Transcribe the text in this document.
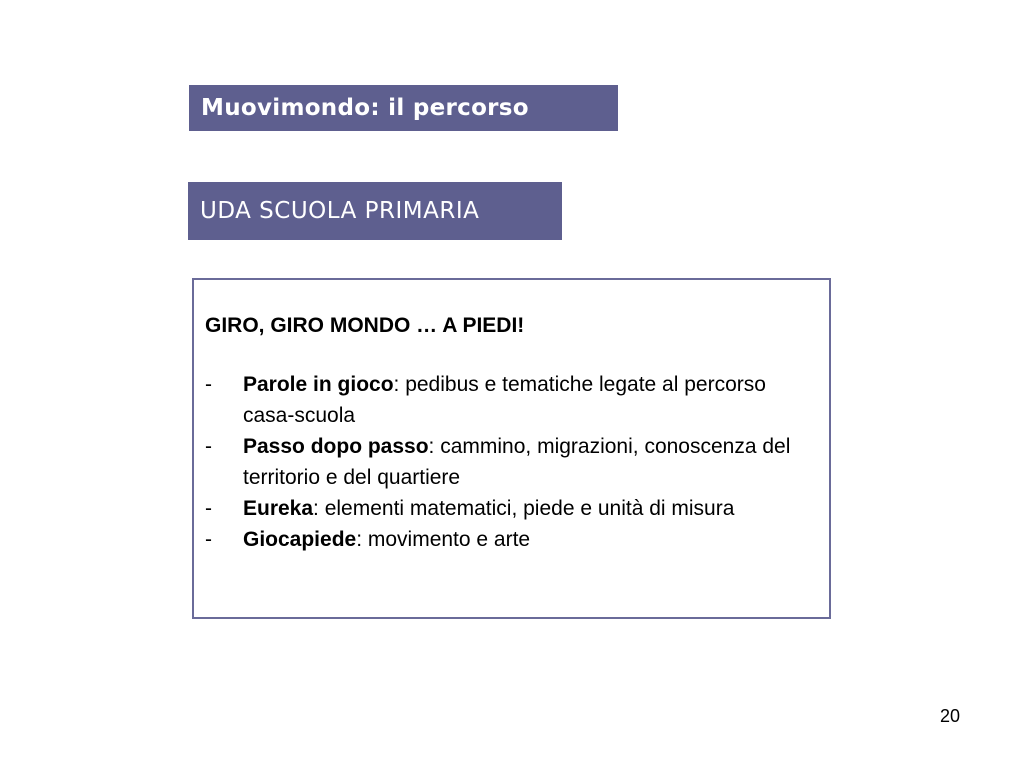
Muovimondo: il percorso
UDA SCUOLA PRIMARIA
GIRO, GIRO MONDO … A PIEDI!
- Parole in gioco: pedibus e tematiche legate al percorso casa-scuola
- Passo dopo passo: cammino, migrazioni, conoscenza del territorio e del quartiere
- Eureka: elementi matematici, piede e unità di misura
- Giocapiede: movimento e arte
20
